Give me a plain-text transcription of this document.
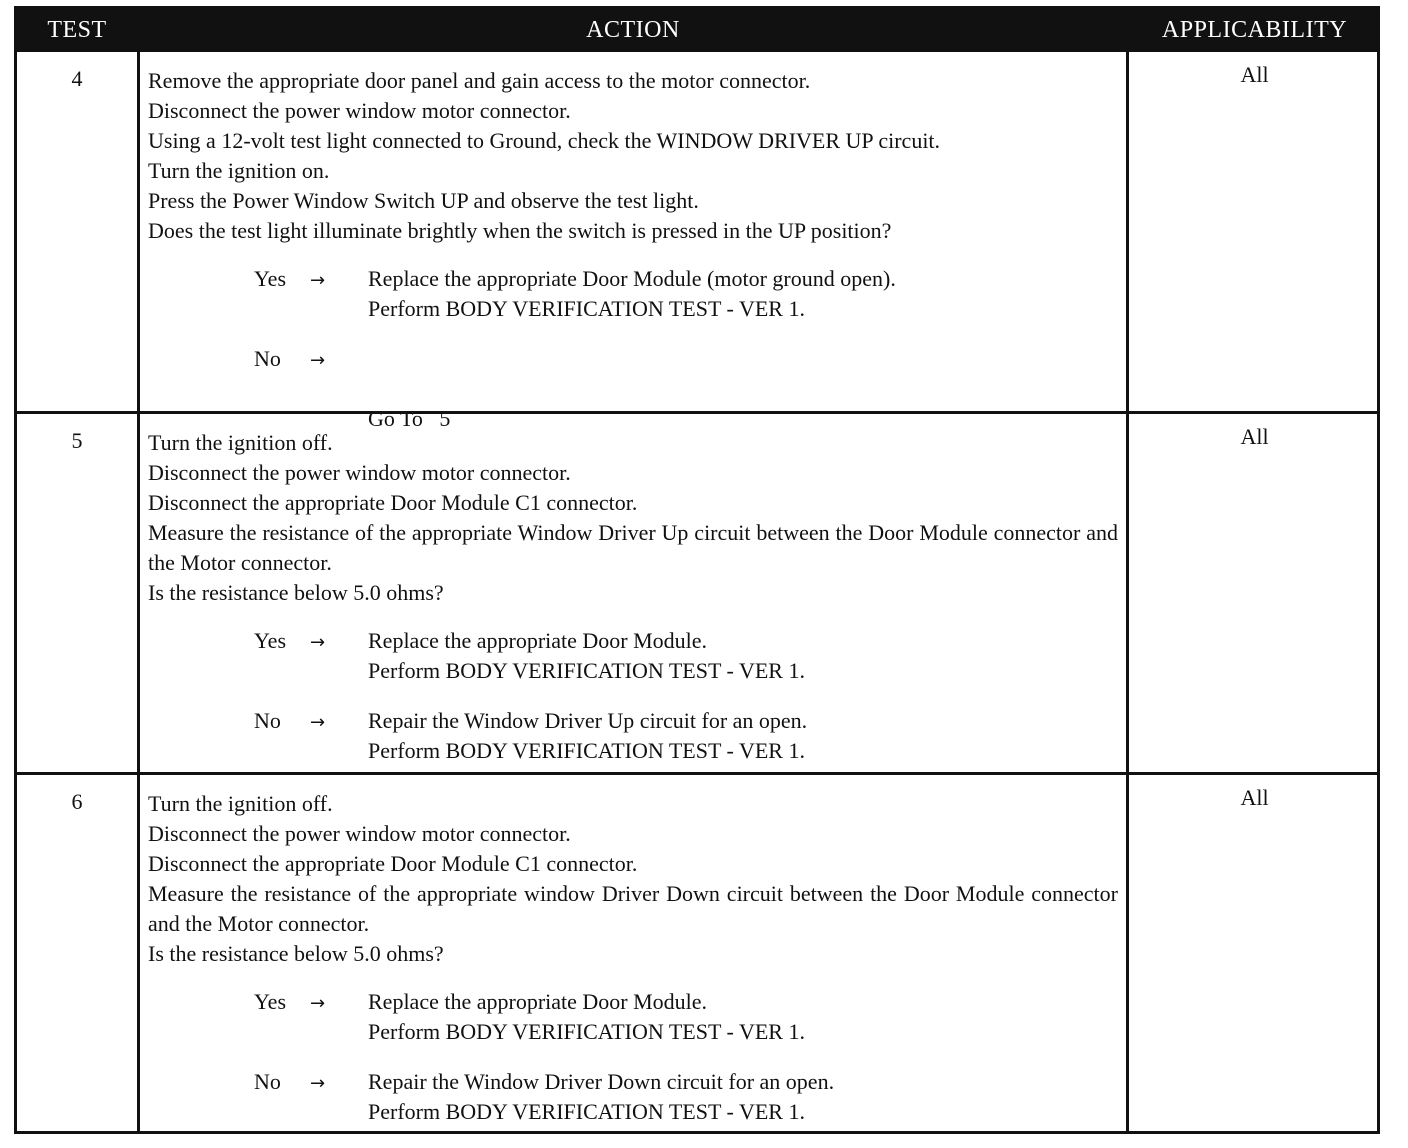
TEST	ACTION	APPLICABILITY
4	Remove the appropriate door panel and gain access to the motor connector.
Disconnect the power window motor connector.
Using a 12-volt test light connected to Ground, check the WINDOW DRIVER UP circuit.
Turn the ignition on.
Press the Power Window Switch UP and observe the test light.
Does the test light illuminate brightly when the switch is pressed in the UP position?
Yes → Replace the appropriate Door Module (motor ground open).
Perform BODY VERIFICATION TEST - VER 1.
No →

Go To   5

All
5	Turn the ignition off.
Disconnect the power window motor connector.
Disconnect the appropriate Door Module C1 connector.
Measure the resistance of the appropriate Window Driver Up circuit between the Door Module connector and the Motor connector.
Is the resistance below 5.0 ohms?
Yes → Replace the appropriate Door Module.
Perform BODY VERIFICATION TEST - VER 1.
No → Repair the Window Driver Up circuit for an open.
Perform BODY VERIFICATION TEST - VER 1.
All
6	Turn the ignition off.
Disconnect the power window motor connector.
Disconnect the appropriate Door Module C1 connector.
Measure the resistance of the appropriate window Driver Down circuit between the Door Module connector and the Motor connector.
Is the resistance below 5.0 ohms?
Yes → Replace the appropriate Door Module.
Perform BODY VERIFICATION TEST - VER 1.
No → Repair the Window Driver Down circuit for an open.
Perform BODY VERIFICATION TEST - VER 1.
All
